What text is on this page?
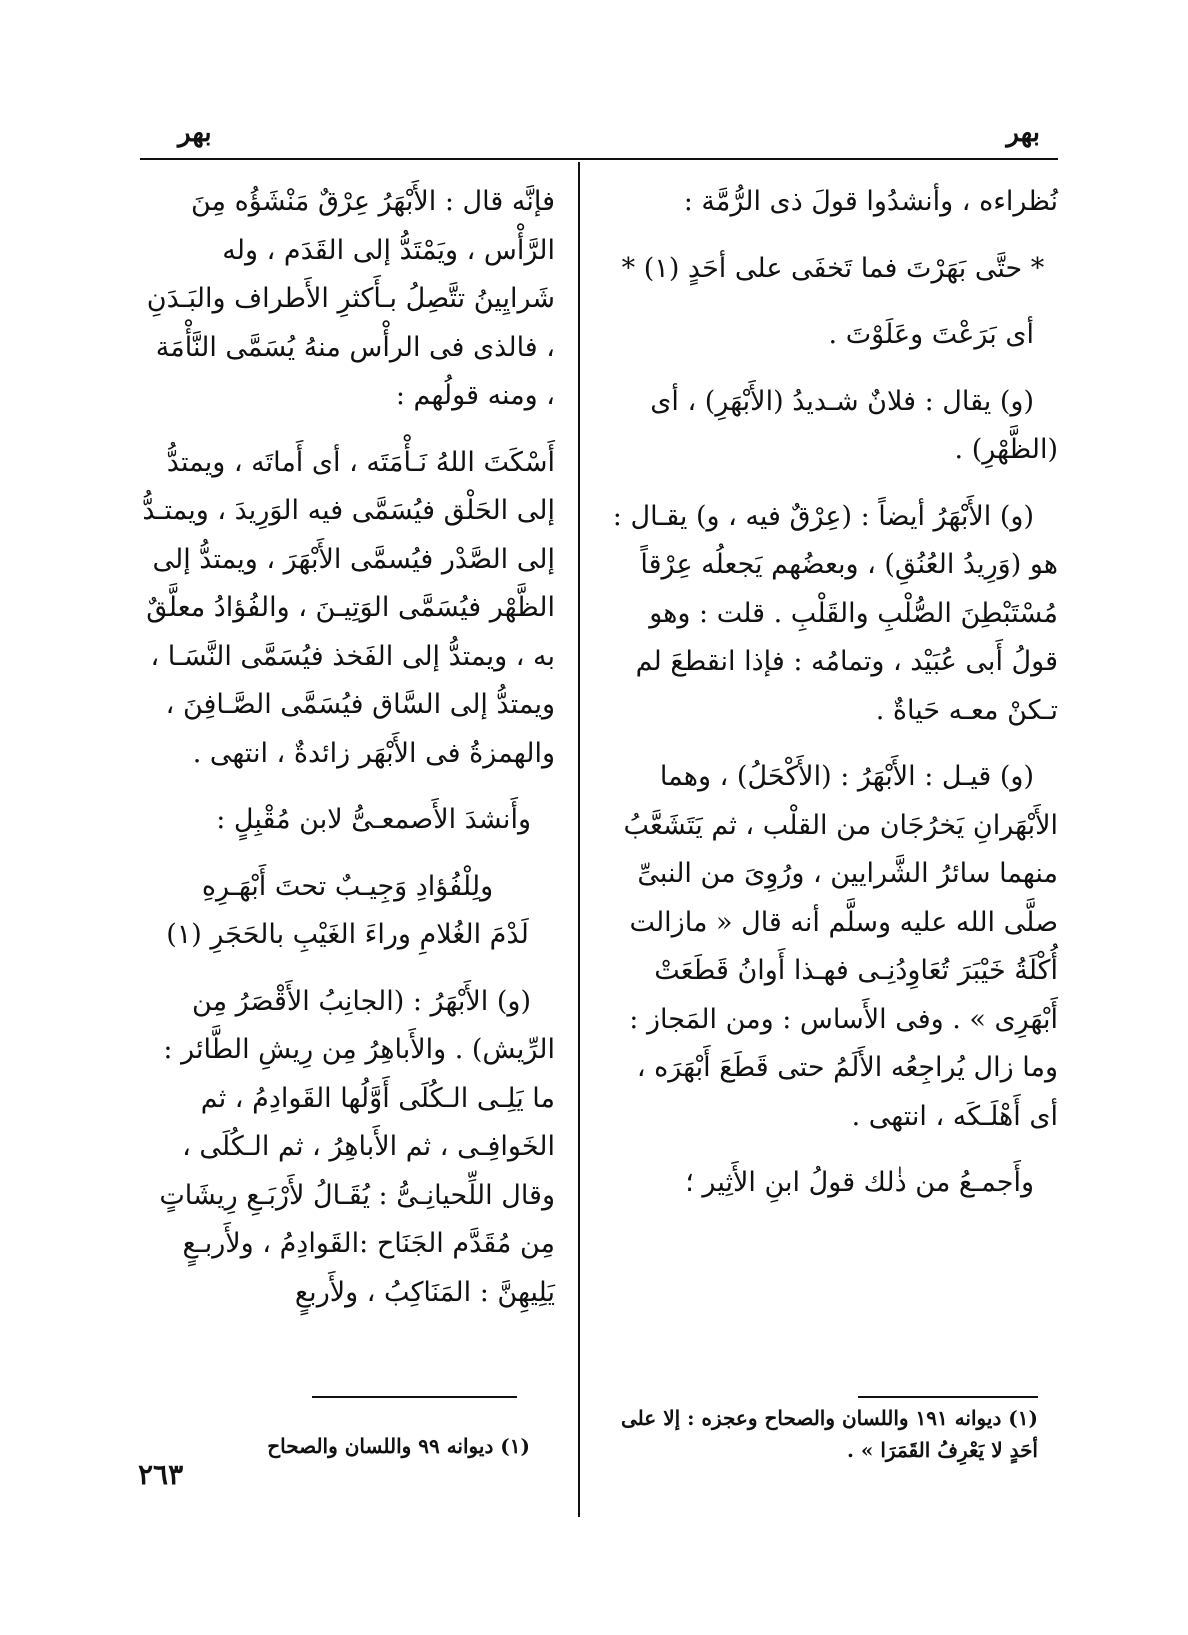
بهر
بهر

نُظراءه ، وأنشدُوا قولَ ذى الرُّمَّة :

* حتَّى بَهَرْتَ فما تَخفَى على أحَدٍ (١) *

أى بَرَعْتَ وعَلَوْتَ .

(و) يقال : فلانٌ شـديدُ (الأَبْهَرِ) ، أى (الظَّهْرِ) .

(و) الأَبْهَرُ أيضاً : (عِرْقٌ فيه ، و) يقـال : هو (وَرِيدُ العُنُقِ) ، وبعضُهم يَجعلُه عِرْقاً مُسْتَبْطِنَ الصُّلْبِ والقَلْبِ . قلت : وهو قولُ أَبى عُبَيْد ، وتمامُه : فإذا انقطعَ لم تـكنْ معـه حَياةٌ .

(و) قيـل : الأَبْهَرُ : (الأَكْحَلُ) ، وهما الأَبْهَرانِ يَخرُجَان من القلْب ، ثم يَتَشَعَّبُ منهما سائرُ الشَّرايين ، ورُوِىَ من النبىِّ صلَّى الله عليه وسلَّم أنه قال « مازالت أُكْلَةُ خَيْبَرَ تُعَاوِدُنِـى فهـذا أَوانُ قَطَعَتْ أَبْهَرِى » . وفى الأَساس : ومن المَجاز : وما زال يُراجِعُه الأَلَمُ حتى قَطَعَ أَبْهَرَه ، أى أَهْلَـكَه ، انتهى .

وأَجمـعُ من ذٰلك قولُ ابنِ الأَثِير ؛

فإنَّه قال : الأَبْهَرُ عِرْقٌ مَنْشَؤُه مِنَ الرَّأْس ، ويَمْتَدُّ إلى القَدَم ، وله شَرايِينُ تتَّصِلُ بـأَكثرِ الأَطراف والبَـدَنِ ، فالذى فى الرأْس منهُ يُسَمَّى النَّأْمَة ، ومنه قولُهم :

أَسْكَتَ اللهُ نَـأْمَتَه ، أى أَماتَه ، ويمتدُّ إلى الحَلْق فيُسَمَّى فيه الوَرِيدَ ، ويمتـدُّ إلى الصَّدْر فيُسمَّى الأَبْهَرَ ، ويمتدُّ إلى الظَّهْر فيُسَمَّى الوَتِيـنَ ، والفُؤادُ معلَّقٌ به ، ويمتدُّ إلى الفَخذ فيُسَمَّى النَّسَـا ، ويمتدُّ إلى السَّاق فيُسَمَّى الصَّـافِنَ ، والهمزةُ فى الأَبْهَر زائدةٌ ، انتهى .

وأَنشدَ الأَصمعـىُّ لابن مُقْبِلٍ :

ولِلْفُؤادِ وَجِيـبٌ تحتَ أَبْهَـرِهِ

لَدْمَ الغُلامِ وراءَ الغَيْبِ بالحَجَرِ (١)

(و) الأَبْهَرُ : (الجانِبُ الأَقْصَرُ مِن الرِّيش) . والأَباهِرُ مِن رِيشِ الطَّائر : ما يَلِـى الـكُلَى أَوَّلُها القَوادِمُ ، ثم الخَوافِـى ، ثم الأَباهِرُ ، ثم الـكُلَى ، وقال اللِّحيانِـىُّ : يُقَـالُ لأَرْبَـعِ رِيشَاتٍ مِن مُقَدَّم الجَنَاح :القَوادِمُ ، ولأَربـعٍ يَلِيهِنَّ : المَنَاكِبُ ، ولأَربعٍ

(١) ديوانه ١٩١ واللسان والصحاح وعجزه : إلا على أحَدٍ لا يَعْرِفُ القَمَرَا » .
(١) ديوانه ٩٩ واللسان والصحاح
٢٦٣
